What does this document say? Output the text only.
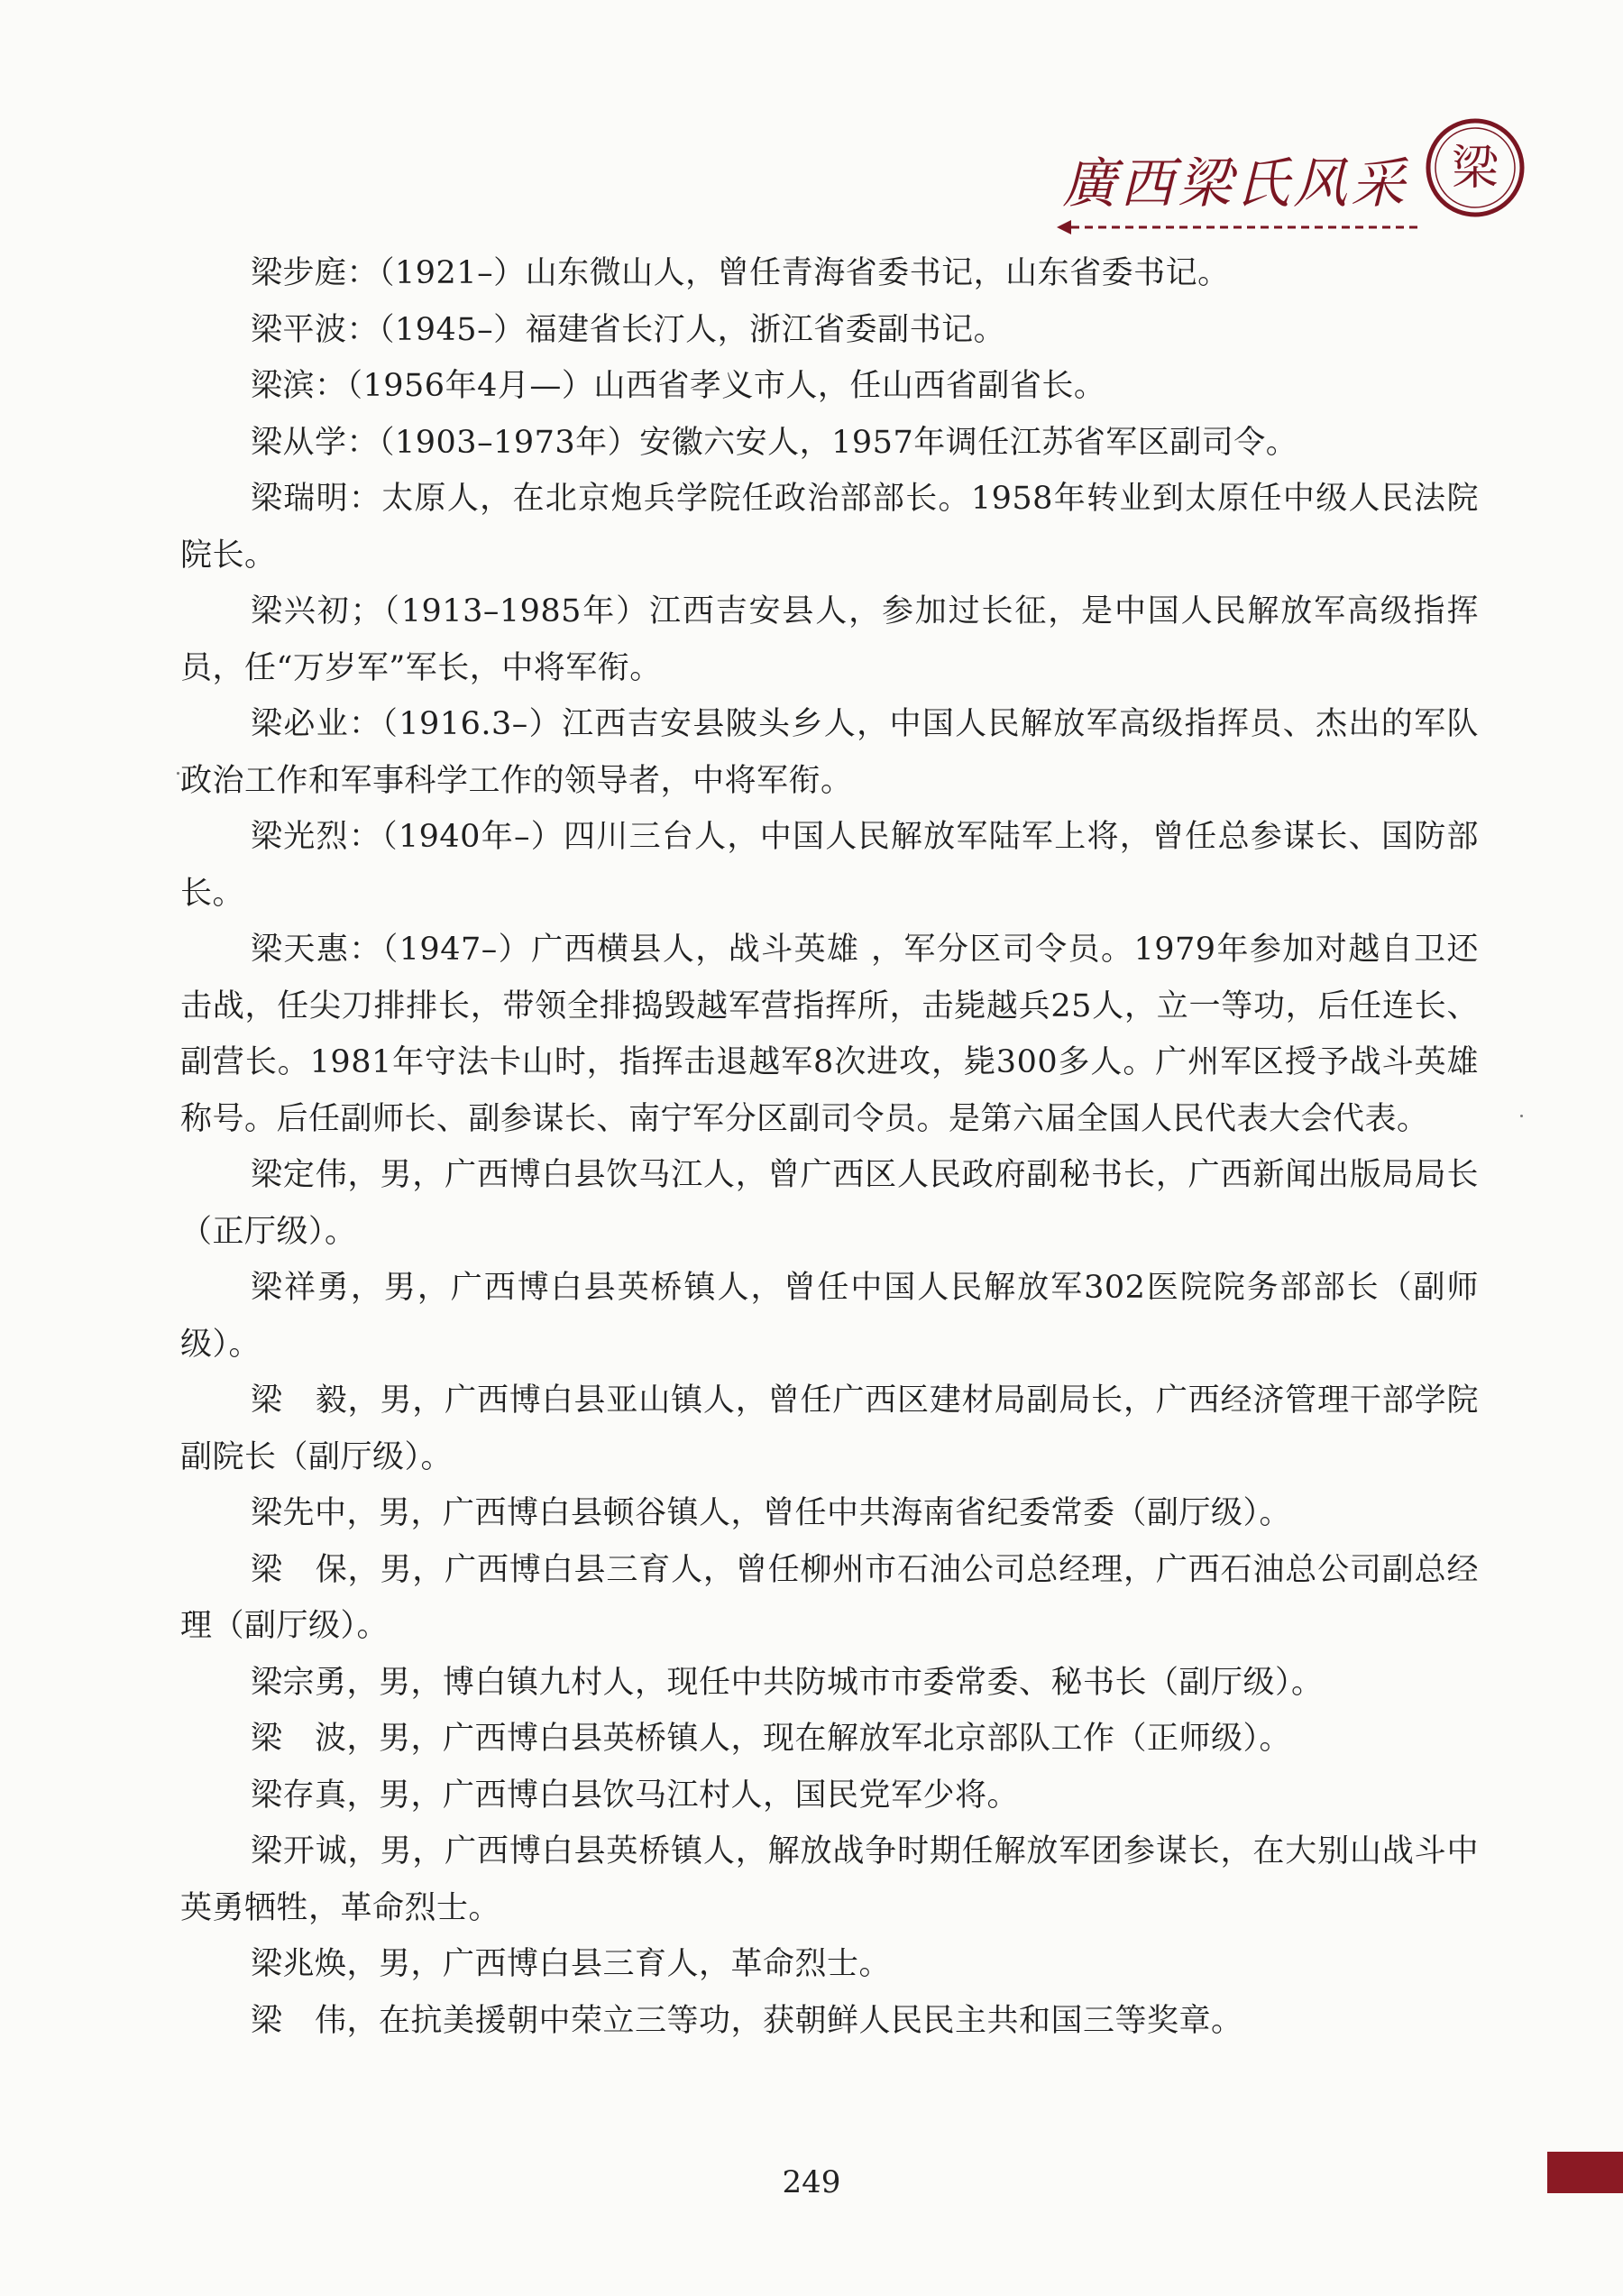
廣西梁氏风采 梁

梁步庭：（1921–）山东微山人，曾任青海省委书记，山东省委书记。

梁平波：（1945–）福建省长汀人，浙江省委副书记。

梁滨：（1956年4月—）山西省孝义市人，任山西省副省长。

梁从学：（1903–1973年）安徽六安人，1957年调任江苏省军区副司令。

梁瑞明：太原人，在北京炮兵学院任政治部部长。1958年转业到太原任中级人民法院院长。

梁兴初；（1913–1985年）江西吉安县人，参加过长征，是中国人民解放军高级指挥员，任“万岁军”军长，中将军衔。

梁必业：（1916.3–）江西吉安县陂头乡人，中国人民解放军高级指挥员、杰出的军队政治工作和军事科学工作的领导者，中将军衔。

梁光烈：（1940年–）四川三台人，中国人民解放军陆军上将，曾任总参谋长、国防部长。

梁天惠：（1947–）广西横县人，战斗英雄 ，军分区司令员。1979年参加对越自卫还击战，任尖刀排排长，带领全排捣毁越军营指挥所，击毙越兵25人，立一等功，后任连长、副营长。1981年守法卡山时，指挥击退越军8次进攻，毙300多人。广州军区授予战斗英雄称号。后任副师长、副参谋长、南宁军分区副司令员。是第六届全国人民代表大会代表。

梁定伟，男，广西博白县饮马江人，曾广西区人民政府副秘书长，广西新闻出版局局长（正厅级）。

梁祥勇，男，广西博白县英桥镇人，曾任中国人民解放军302医院院务部部长（副师级）。

梁　毅，男，广西博白县亚山镇人，曾任广西区建材局副局长，广西经济管理干部学院副院长（副厅级）。

梁先中，男，广西博白县顿谷镇人，曾任中共海南省纪委常委（副厅级）。

梁　保，男，广西博白县三育人，曾任柳州市石油公司总经理，广西石油总公司副总经理（副厅级）。

梁宗勇，男，博白镇九村人，现任中共防城市市委常委、秘书长（副厅级）。

梁　波，男，广西博白县英桥镇人，现在解放军北京部队工作（正师级）。

梁存真，男，广西博白县饮马江村人，国民党军少将。

梁开诚，男，广西博白县英桥镇人，解放战争时期任解放军团参谋长，在大别山战斗中英勇牺牲，革命烈士。

梁兆焕，男，广西博白县三育人，革命烈士。

梁　伟，在抗美援朝中荣立三等功，获朝鲜人民民主共和国三等奖章。

249
